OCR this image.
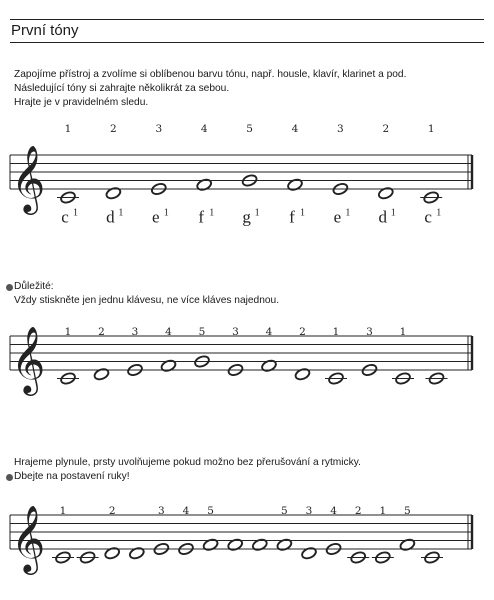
První tóny
Zapojíme přístroj a zvolíme si oblíbenou barvu tónu, např. housle, klavír, klarinet a pod.
Následující tóny si zahrajte několikrát za sebou.
Hrajte je v pravidelném sledu.
𝄞
1
c 1
2
d 1
3
e 1
4
f 1
5
g 1
4
f 1
3
e 1
2
d 1
1
c 1
Důležité:
Vždy stiskněte jen jednu klávesu, ne více kláves najednou.
𝄞 1	2	3	4	5	3	4	2	1	3	1
Hrajeme plynule, prsty uvolňujeme pokud možno bez přerušování a rytmicky.
Dbejte na postavení ruky!
𝄞 1	2	3 4 5	5 3 4 2 1 5
